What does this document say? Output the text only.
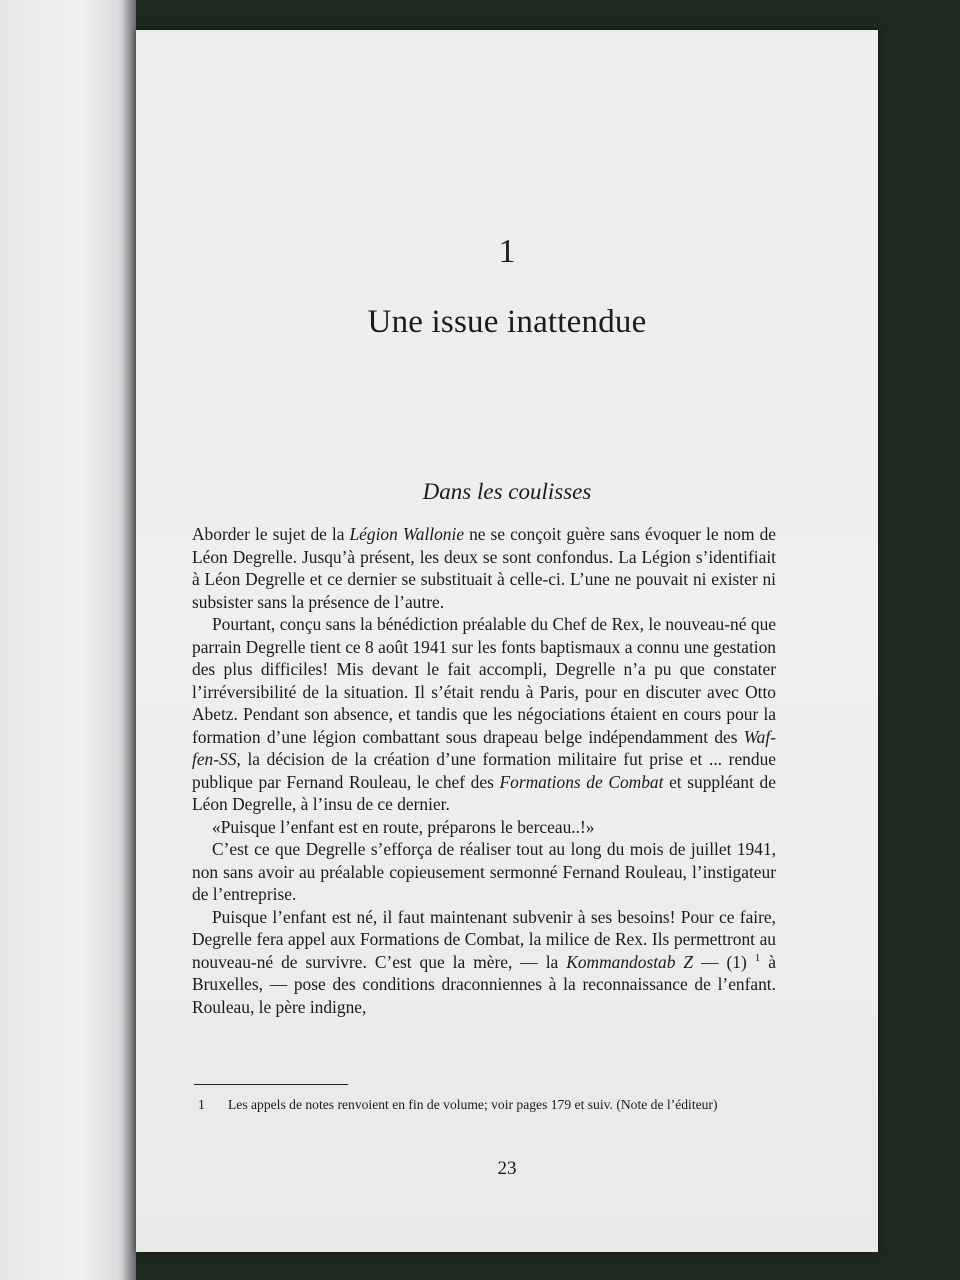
1
Une issue inattendue
Dans les coulisses

Aborder le sujet de la Légion Wallonie ne se conçoit guère sans évoquer le nom de Léon Degrelle. Jusqu’à présent, les deux se sont confondus. La Légion s’identifiait à Léon Degrelle et ce dernier se substituait à celle-ci. L’une ne pouvait ni exister ni subsister sans la présence de l’autre.

Pourtant, conçu sans la bénédiction préalable du Chef de Rex, le nouveau-né que parrain Degrelle tient ce 8 août 1941 sur les fonts baptismaux a connu une gestation des plus difficiles! Mis devant le fait accompli, Degrelle n’a pu que constater l’irréversibilité de la situation. Il s’était rendu à Paris, pour en discuter avec Otto Abetz. Pendant son absence, et tandis que les négociations étaient en cours pour la formation d’une légion combattant sous drapeau belge indépendamment des Waf-fen-SS, la décision de la création d’une formation militaire fut prise et ... rendue publique par Fernand Rouleau, le chef des Formations de Combat et suppléant de Léon Degrelle, à l’insu de ce dernier.

«Puisque l’enfant est en route, préparons le berceau..!»

C’est ce que Degrelle s’efforça de réaliser tout au long du mois de juillet 1941, non sans avoir au préalable copieusement sermonné Fernand Rouleau, l’instigateur de l’entreprise.

Puisque l’enfant est né, il faut maintenant subvenir à ses besoins! Pour ce faire, Degrelle fera appel aux Formations de Combat, la milice de Rex. Ils permettront au nouveau-né de survivre. C’est que la mère, — la Kommandostab Z — (1) $^1$ à Bruxelles, — pose des conditions draconniennes à la reconnaissance de l’enfant. Rouleau, le père indigne,

1 Les appels de notes renvoient en fin de volume; voir pages 179 et suiv. (Note de l’éditeur)
23
